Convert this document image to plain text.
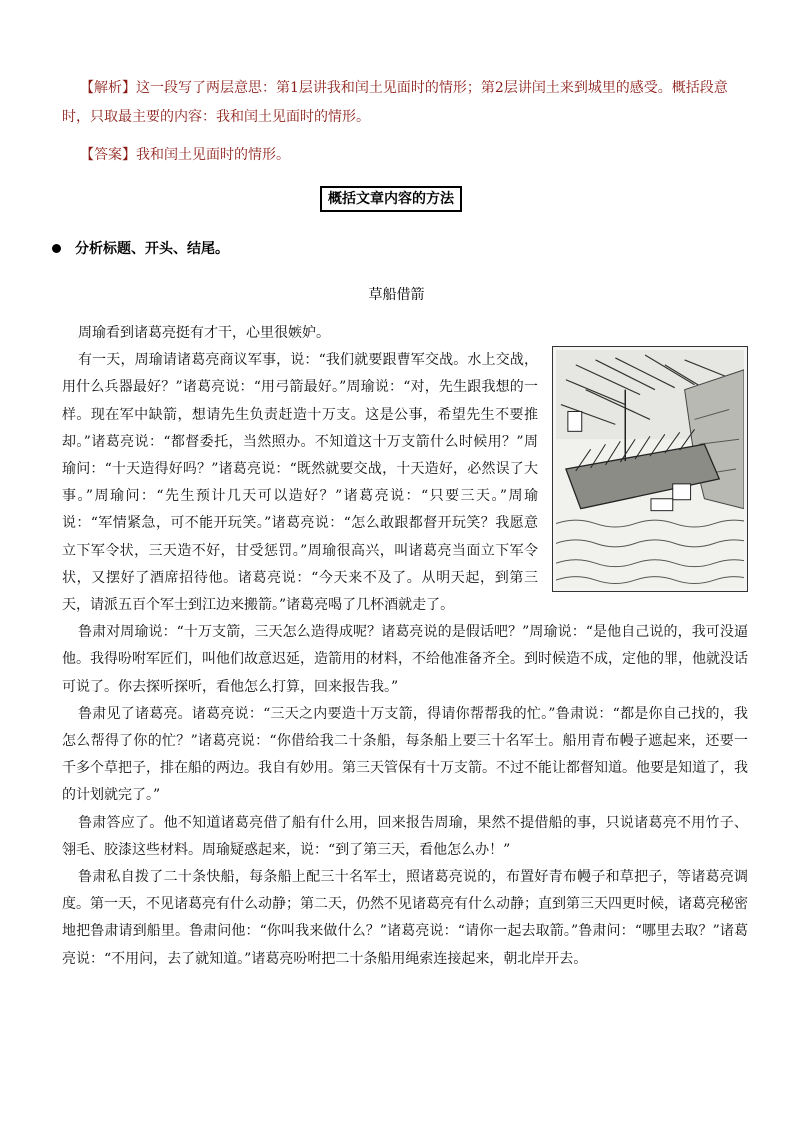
【解析】这一段写了两层意思：第1层讲我和闰土见面时的情形；第2层讲闰土来到城里的感受。概括段意时，只取最主要的内容：我和闰土见面时的情形。
【答案】我和闰土见面时的情形。
概括文章内容的方法
分析标题、开头、结尾。
草船借箭

周瑜看到诸葛亮挺有才干，心里很嫉妒。

有一天，周瑜请诸葛亮商议军事，说：“我们就要跟曹军交战。水上交战，用什么兵器最好？”诸葛亮说：“用弓箭最好。”周瑜说：“对，先生跟我想的一样。现在军中缺箭，想请先生负责赶造十万支。这是公事，希望先生不要推却。”诸葛亮说：“都督委托，当然照办。不知道这十万支箭什么时候用？”周瑜问：“十天造得好吗？”诸葛亮说：“既然就要交战，十天造好，必然误了大事。”周瑜问：“先生预计几天可以造好？”诸葛亮说：“只要三天。”周瑜说：“军情紧急，可不能开玩笑。”诸葛亮说：“怎么敢跟都督开玩笑？我愿意立下军令状，三天造不好，甘受惩罚。”周瑜很高兴，叫诸葛亮当面立下军令状，又摆好了酒席招待他。诸葛亮说：“今天来不及了。从明天起，到第三天，请派五百个军士到江边来搬箭。”诸葛亮喝了几杯酒就走了。

鲁肃对周瑜说：“十万支箭，三天怎么造得成呢？诸葛亮说的是假话吧？”周瑜说：“是他自己说的，我可没逼他。我得吩咐军匠们，叫他们故意迟延，造箭用的材料，不给他准备齐全。到时候造不成，定他的罪，他就没话可说了。你去探听探听，看他怎么打算，回来报告我。”

鲁肃见了诸葛亮。诸葛亮说：“三天之内要造十万支箭，得请你帮帮我的忙。”鲁肃说：“都是你自己找的，我怎么帮得了你的忙？”诸葛亮说：“你借给我二十条船，每条船上要三十名军士。船用青布幔子遮起来，还要一千多个草把子，排在船的两边。我自有妙用。第三天管保有十万支箭。不过不能让都督知道。他要是知道了，我的计划就完了。”

鲁肃答应了。他不知道诸葛亮借了船有什么用，回来报告周瑜，果然不提借船的事，只说诸葛亮不用竹子、翎毛、胶漆这些材料。周瑜疑惑起来，说：“到了第三天，看他怎么办！”

鲁肃私自拨了二十条快船，每条船上配三十名军士，照诸葛亮说的，布置好青布幔子和草把子，等诸葛亮调度。第一天，不见诸葛亮有什么动静；第二天，仍然不见诸葛亮有什么动静；直到第三天四更时候，诸葛亮秘密地把鲁肃请到船里。鲁肃问他：“你叫我来做什么？”诸葛亮说：“请你一起去取箭。”鲁肃问：“哪里去取？”诸葛亮说：“不用问，去了就知道。”诸葛亮吩咐把二十条船用绳索连接起来，朝北岸开去。
